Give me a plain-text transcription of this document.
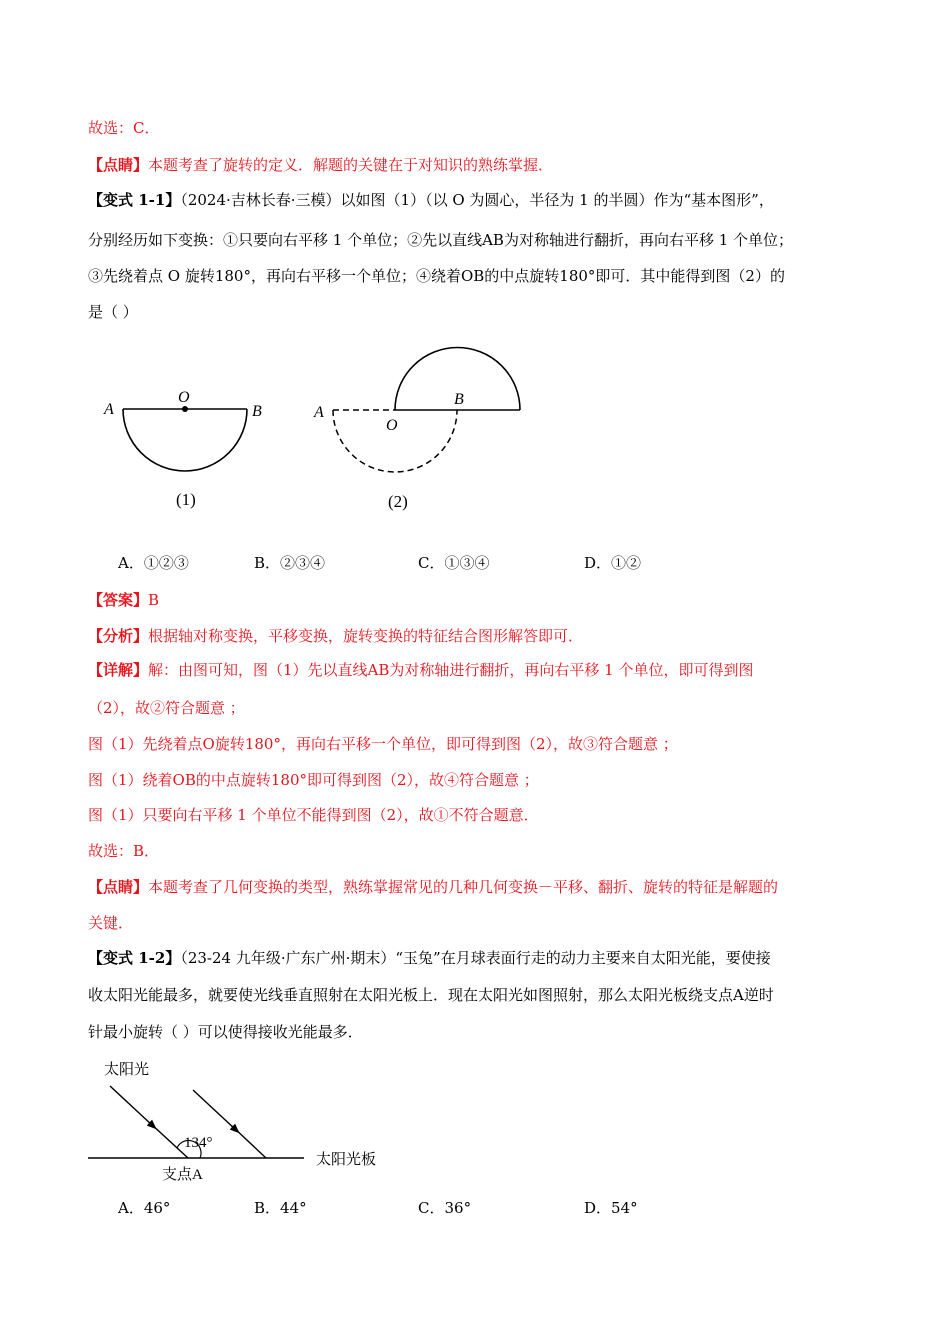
故选：C．
【点睛】本题考查了旋转的定义．解题的关键在于对知识的熟练掌握．
【变式 1-1】（2024·吉林长春·三模）以如图（1）（以 O 为圆心，半径为 1 的半圆）作为“基本图形”，
分别经历如下变换：①只要向右平移 1 个单位；②先以直线AB为对称轴进行翻折，再向右平移 1 个单位；
③先绕着点 O 旋转180°，再向右平移一个单位；④绕着OB的中点旋转180°即可．其中能得到图（2）的
是（ ）
A
O
B
(1)
A
O
B
(2)
A．①②③	B．②③④	C．①③④	D．①②
【答案】B
【分析】根据轴对称变换，平移变换，旋转变换的特征结合图形解答即可．
【详解】解：由图可知，图（1）先以直线AB为对称轴进行翻折，再向右平移 1 个单位，即可得到图
（2），故②符合题意 ；
图（1）先绕着点O旋转180°，再向右平移一个单位，即可得到图（2），故③符合题意 ；
图（1）绕着OB的中点旋转180°即可得到图（2），故④符合题意 ；
图（1）只要向右平移 1 个单位不能得到图（2），故①不符合题意．
故选：B．
【点睛】本题考查了几何变换的类型，熟练掌握常见的几种几何变换－平移、翻折、旋转的特征是解题的
关键．
【变式 1-2】（23-24 九年级·广东广州·期末）“玉兔”在月球表面行走的动力主要来自太阳光能，要使接
收太阳光能最多，就要使光线垂直照射在太阳光板上．现在太阳光如图照射，那么太阳光板绕支点A逆时
针最小旋转（ ）可以使得接收光能最多．
太阳光
134°
支点A
太阳光板
A．46°	B．44°	C．36°	D．54°
